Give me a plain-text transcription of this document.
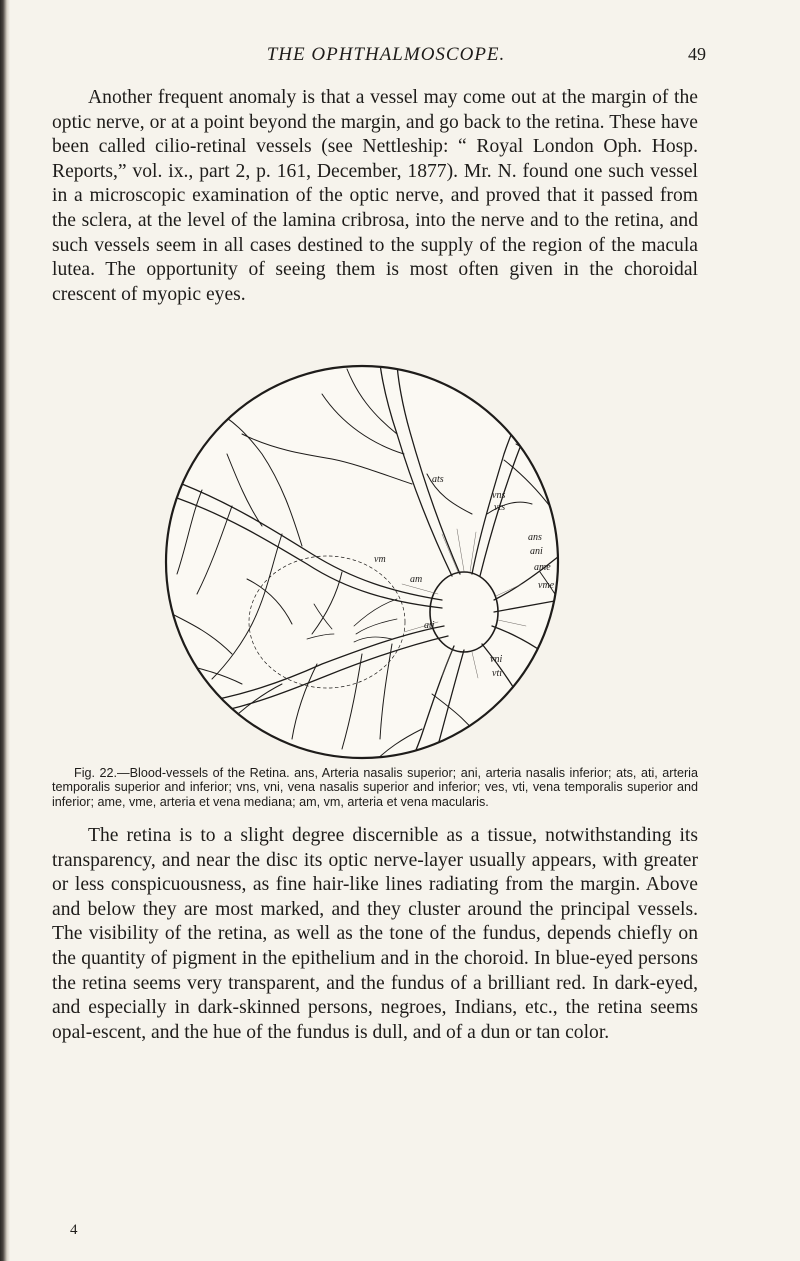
THE OPHTHALMOSCOPE.	49

Another frequent anomaly is that a vessel may come out at the margin of the optic nerve, or at a point beyond the margin, and go back to the retina. These have been called cilio-retinal vessels (see Nettleship: “ Royal London Oph. Hosp. Reports,” vol. ix., part 2, p. 161, December, 1877). Mr. N. found one such vessel in a microscopic examination of the optic nerve, and proved that it passed from the sclera, at the level of the lamina cribrosa, into the nerve and to the retina, and such vessels seem in all cases destined to the supply of the region of the macula lutea. The opportunity of seeing them is most often given in the choroidal crescent of myopic eyes.

ats
vns
vts
vm
ans
ani
ame
vme
am
ati
vni
vti

Fig. 22.—Blood-vessels of the Retina. ans, Arteria nasalis superior; ani, arteria nasalis inferior; ats, ati, arteria temporalis superior and inferior; vns, vni, vena nasalis superior and inferior; ves, vti, vena temporalis superior and inferior; ame, vme, arteria et vena mediana; am, vm, arteria et vena macularis.

The retina is to a slight degree discernible as a tissue, notwithstanding its transparency, and near the disc its optic nerve-layer usually appears, with greater or less conspicuousness, as fine hair-like lines radiating from the margin. Above and below they are most marked, and they cluster around the principal vessels. The visibility of the retina, as well as the tone of the fundus, depends chiefly on the quantity of pigment in the epithelium and in the choroid. In blue-eyed persons the retina seems very transparent, and the fundus of a brilliant red. In dark-eyed, and especially in dark-skinned persons, negroes, Indians, etc., the retina seems opal-escent, and the hue of the fundus is dull, and of a dun or tan color.

4
